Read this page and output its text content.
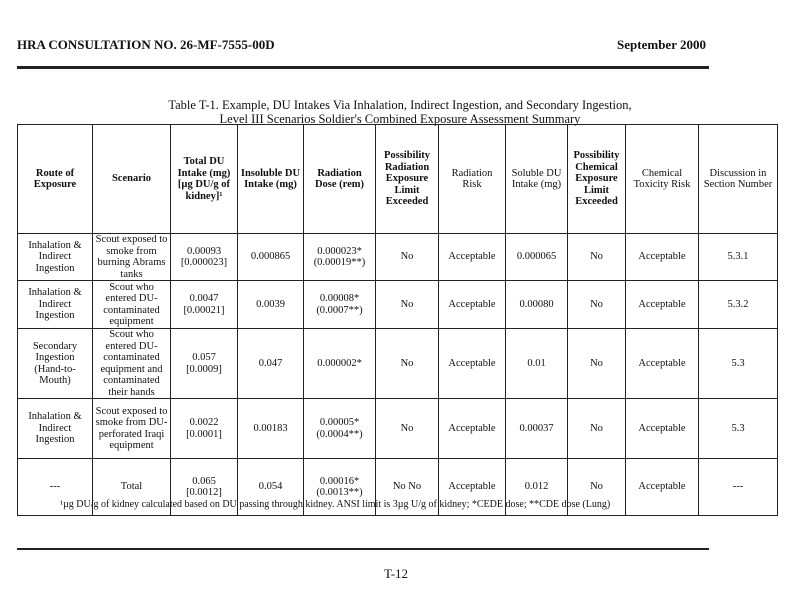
HRA CONSULTATION NO. 26-MF-7555-00D	September 2000
Table T-1. Example, DU Intakes Via Inhalation, Indirect Ingestion, and Secondary Ingestion,
Level III Scenarios Soldier's Combined Exposure Assessment Summary
Route of Exposure	Scenario	Total DU Intake (mg) [µg DU/g of kidney]¹	Insoluble DU Intake (mg)	Radiation Dose (rem)	Possibility Radiation Exposure Limit Exceeded	Radiation Risk	Soluble DU Intake (mg)	Possibility Chemical Exposure Limit Exceeded	Chemical Toxicity Risk	Discussion in Section Number
Inhalation & Indirect Ingestion	Scout exposed to smoke from burning Abrams tanks	0.00093 [0.000023]	0.000865	0.000023* (0.00019**)	No	Acceptable	0.000065	No	Acceptable	5.3.1
Inhalation & Indirect Ingestion	Scout who entered DU-contaminated equipment	0.0047 [0.00021]	0.0039	0.00008* (0.0007**)	No	Acceptable	0.00080	No	Acceptable	5.3.2
Secondary Ingestion (Hand-to-Mouth)	Scout who entered DU-contaminated equipment and contaminated their hands	0.057 [0.0009]	0.047	0.000002*	No	Acceptable	0.01	No	Acceptable	5.3
Inhalation & Indirect Ingestion	Scout exposed to smoke from DU-perforated Iraqi equipment	0.0022 [0.0001]	0.00183	0.00005* (0.0004**)	No	Acceptable	0.00037	No	Acceptable	5.3
---	Total	0.065 [0.0012]	0.054	0.00016* (0.0013**)	No No	Acceptable	0.012	No	Acceptable	---
¹µg DU/g of kidney calculated based on DU passing through kidney. ANSI limit is 3µg U/g of kidney; *CEDE dose; **CDE dose (Lung)
T-12
